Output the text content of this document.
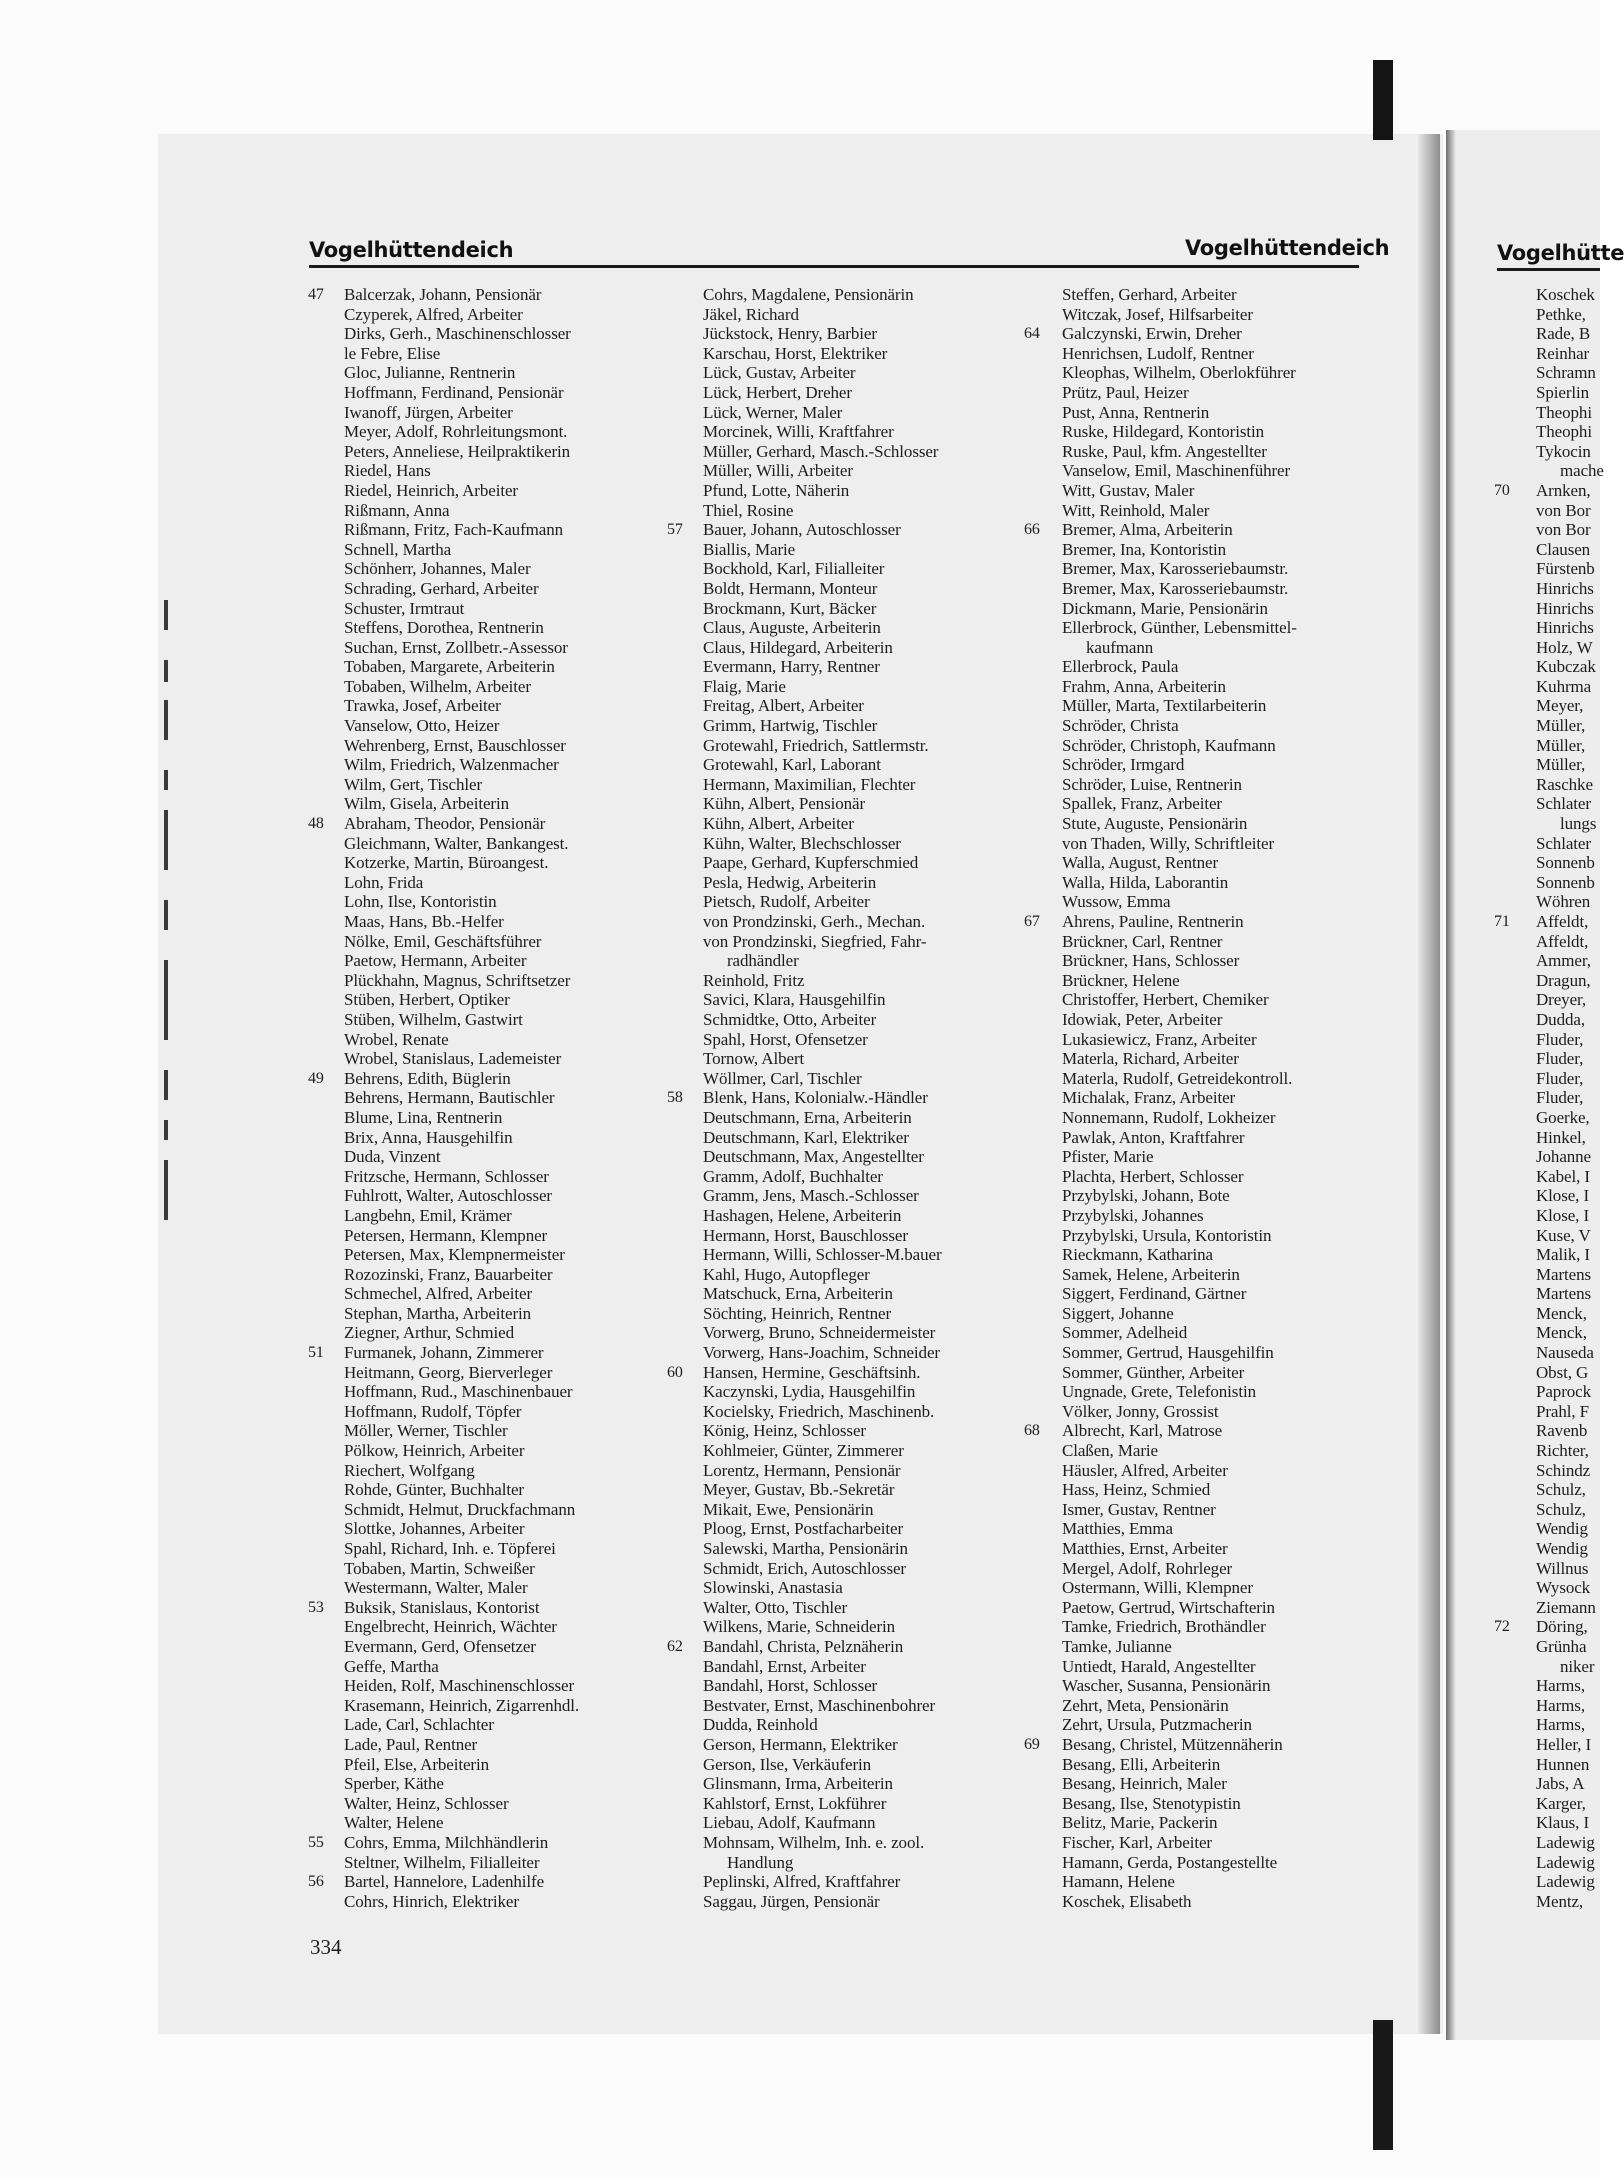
Vogelhüttendeich	Vogelhüttendeich	Vogelhütte
47	Balcerzak, Johann, Pensionär
Czyperek, Alfred, Arbeiter
Dirks, Gerh., Maschinenschlosser
le Febre, Elise
Gloc, Julianne, Rentnerin
Hoffmann, Ferdinand, Pensionär
Iwanoff, Jürgen, Arbeiter
Meyer, Adolf, Rohrleitungsmont.
Peters, Anneliese, Heilpraktikerin
Riedel, Hans
Riedel, Heinrich, Arbeiter
Rißmann, Anna
Rißmann, Fritz, Fach-Kaufmann
Schnell, Martha
Schönherr, Johannes, Maler
Schrading, Gerhard, Arbeiter
Schuster, Irmtraut
Steffens, Dorothea, Rentnerin
Suchan, Ernst, Zollbetr.-Assessor
Tobaben, Margarete, Arbeiterin
Tobaben, Wilhelm, Arbeiter
Trawka, Josef, Arbeiter
Vanselow, Otto, Heizer
Wehrenberg, Ernst, Bauschlosser
Wilm, Friedrich, Walzenmacher
Wilm, Gert, Tischler
Wilm, Gisela, Arbeiterin
48	Abraham, Theodor, Pensionär
Gleichmann, Walter, Bankangest.
Kotzerke, Martin, Büroangest.
Lohn, Frida
Lohn, Ilse, Kontoristin
Maas, Hans, Bb.-Helfer
Nölke, Emil, Geschäftsführer
Paetow, Hermann, Arbeiter
Plückhahn, Magnus, Schriftsetzer
Stüben, Herbert, Optiker
Stüben, Wilhelm, Gastwirt
Wrobel, Renate
Wrobel, Stanislaus, Lademeister
49	Behrens, Edith, Büglerin
Behrens, Hermann, Bautischler
Blume, Lina, Rentnerin
Brix, Anna, Hausgehilfin
Duda, Vinzent
Fritzsche, Hermann, Schlosser
Fuhlrott, Walter, Autoschlosser
Langbehn, Emil, Krämer
Petersen, Hermann, Klempner
Petersen, Max, Klempnermeister
Rozozinski, Franz, Bauarbeiter
Schmechel, Alfred, Arbeiter
Stephan, Martha, Arbeiterin
Ziegner, Arthur, Schmied
51	Furmanek, Johann, Zimmerer
Heitmann, Georg, Bierverleger
Hoffmann, Rud., Maschinenbauer
Hoffmann, Rudolf, Töpfer
Möller, Werner, Tischler
Pölkow, Heinrich, Arbeiter
Riechert, Wolfgang
Rohde, Günter, Buchhalter
Schmidt, Helmut, Druckfachmann
Slottke, Johannes, Arbeiter
Spahl, Richard, Inh. e. Töpferei
Tobaben, Martin, Schweißer
Westermann, Walter, Maler
53	Buksik, Stanislaus, Kontorist
Engelbrecht, Heinrich, Wächter
Evermann, Gerd, Ofensetzer
Geffe, Martha
Heiden, Rolf, Maschinenschlosser
Krasemann, Heinrich, Zigarrenhdl.
Lade, Carl, Schlachter
Lade, Paul, Rentner
Pfeil, Else, Arbeiterin
Sperber, Käthe
Walter, Heinz, Schlosser
Walter, Helene
55	Cohrs, Emma, Milchhändlerin
Steltner, Wilhelm, Filialleiter
56	Bartel, Hannelore, Ladenhilfe
Cohrs, Hinrich, Elektriker
Cohrs, Magdalene, Pensionärin
Jäkel, Richard
Jückstock, Henry, Barbier
Karschau, Horst, Elektriker
Lück, Gustav, Arbeiter
Lück, Herbert, Dreher
Lück, Werner, Maler
Morcinek, Willi, Kraftfahrer
Müller, Gerhard, Masch.-Schlosser
Müller, Willi, Arbeiter
Pfund, Lotte, Näherin
Thiel, Rosine
57	Bauer, Johann, Autoschlosser
Biallis, Marie
Bockhold, Karl, Filialleiter
Boldt, Hermann, Monteur
Brockmann, Kurt, Bäcker
Claus, Auguste, Arbeiterin
Claus, Hildegard, Arbeiterin
Evermann, Harry, Rentner
Flaig, Marie
Freitag, Albert, Arbeiter
Grimm, Hartwig, Tischler
Grotewahl, Friedrich, Sattlermstr.
Grotewahl, Karl, Laborant
Hermann, Maximilian, Flechter
Kühn, Albert, Pensionär
Kühn, Albert, Arbeiter
Kühn, Walter, Blechschlosser
Paape, Gerhard, Kupferschmied
Pesla, Hedwig, Arbeiterin
Pietsch, Rudolf, Arbeiter
von Prondzinski, Gerh., Mechan.
von Prondzinski, Siegfried, Fahr-
radhändler
Reinhold, Fritz
Savici, Klara, Hausgehilfin
Schmidtke, Otto, Arbeiter
Spahl, Horst, Ofensetzer
Tornow, Albert
Wöllmer, Carl, Tischler
58	Blenk, Hans, Kolonialw.-Händler
Deutschmann, Erna, Arbeiterin
Deutschmann, Karl, Elektriker
Deutschmann, Max, Angestellter
Gramm, Adolf, Buchhalter
Gramm, Jens, Masch.-Schlosser
Hashagen, Helene, Arbeiterin
Hermann, Horst, Bauschlosser
Hermann, Willi, Schlosser-M.bauer
Kahl, Hugo, Autopfleger
Matschuck, Erna, Arbeiterin
Söchting, Heinrich, Rentner
Vorwerg, Bruno, Schneidermeister
Vorwerg, Hans-Joachim, Schneider
60	Hansen, Hermine, Geschäftsinh.
Kaczynski, Lydia, Hausgehilfin
Kocielsky, Friedrich, Maschinenb.
König, Heinz, Schlosser
Kohlmeier, Günter, Zimmerer
Lorentz, Hermann, Pensionär
Meyer, Gustav, Bb.-Sekretär
Mikait, Ewe, Pensionärin
Ploog, Ernst, Postfacharbeiter
Salewski, Martha, Pensionärin
Schmidt, Erich, Autoschlosser
Slowinski, Anastasia
Walter, Otto, Tischler
Wilkens, Marie, Schneiderin
62	Bandahl, Christa, Pelznäherin
Bandahl, Ernst, Arbeiter
Bandahl, Horst, Schlosser
Bestvater, Ernst, Maschinenbohrer
Dudda, Reinhold
Gerson, Hermann, Elektriker
Gerson, Ilse, Verkäuferin
Glinsmann, Irma, Arbeiterin
Kahlstorf, Ernst, Lokführer
Liebau, Adolf, Kaufmann
Mohnsam, Wilhelm, Inh. e. zool.
Handlung
Peplinski, Alfred, Kraftfahrer
Saggau, Jürgen, Pensionär
Steffen, Gerhard, Arbeiter
Witczak, Josef, Hilfsarbeiter
64	Galczynski, Erwin, Dreher
Henrichsen, Ludolf, Rentner
Kleophas, Wilhelm, Oberlokführer
Prütz, Paul, Heizer
Pust, Anna, Rentnerin
Ruske, Hildegard, Kontoristin
Ruske, Paul, kfm. Angestellter
Vanselow, Emil, Maschinenführer
Witt, Gustav, Maler
Witt, Reinhold, Maler
66	Bremer, Alma, Arbeiterin
Bremer, Ina, Kontoristin
Bremer, Max, Karosseriebaumstr.
Bremer, Max, Karosseriebaumstr.
Dickmann, Marie, Pensionärin
Ellerbrock, Günther, Lebensmittel-
kaufmann
Ellerbrock, Paula
Frahm, Anna, Arbeiterin
Müller, Marta, Textilarbeiterin
Schröder, Christa
Schröder, Christoph, Kaufmann
Schröder, Irmgard
Schröder, Luise, Rentnerin
Spallek, Franz, Arbeiter
Stute, Auguste, Pensionärin
von Thaden, Willy, Schriftleiter
Walla, August, Rentner
Walla, Hilda, Laborantin
Wussow, Emma
67	Ahrens, Pauline, Rentnerin
Brückner, Carl, Rentner
Brückner, Hans, Schlosser
Brückner, Helene
Christoffer, Herbert, Chemiker
Idowiak, Peter, Arbeiter
Lukasiewicz, Franz, Arbeiter
Materla, Richard, Arbeiter
Materla, Rudolf, Getreidekontroll.
Michalak, Franz, Arbeiter
Nonnemann, Rudolf, Lokheizer
Pawlak, Anton, Kraftfahrer
Pfister, Marie
Plachta, Herbert, Schlosser
Przybylski, Johann, Bote
Przybylski, Johannes
Przybylski, Ursula, Kontoristin
Rieckmann, Katharina
Samek, Helene, Arbeiterin
Siggert, Ferdinand, Gärtner
Siggert, Johanne
Sommer, Adelheid
Sommer, Gertrud, Hausgehilfin
Sommer, Günther, Arbeiter
Ungnade, Grete, Telefonistin
Völker, Jonny, Grossist
68	Albrecht, Karl, Matrose
Claßen, Marie
Häusler, Alfred, Arbeiter
Hass, Heinz, Schmied
Ismer, Gustav, Rentner
Matthies, Emma
Matthies, Ernst, Arbeiter
Mergel, Adolf, Rohrleger
Ostermann, Willi, Klempner
Paetow, Gertrud, Wirtschafterin
Tamke, Friedrich, Brothändler
Tamke, Julianne
Untiedt, Harald, Angestellter
Wascher, Susanna, Pensionärin
Zehrt, Meta, Pensionärin
Zehrt, Ursula, Putzmacherin
69	Besang, Christel, Mützennäherin
Besang, Elli, Arbeiterin
Besang, Heinrich, Maler
Besang, Ilse, Stenotypistin
Belitz, Marie, Packerin
Fischer, Karl, Arbeiter
Hamann, Gerda, Postangestellte
Hamann, Helene
Koschek, Elisabeth
Koschek
Pethke,
Rade, B
Reinhar
Schramn
Spierlin
Theophi
Theophi
Tykocin
mache
70	Arnken,
von Bor
von Bor
Clausen
Fürstenb
Hinrichs
Hinrichs
Hinrichs
Holz, W
Kubczak
Kuhrma
Meyer,
Müller,
Müller,
Müller,
Raschke
Schlater
lungs
Schlater
Sonnenb
Sonnenb
Wöhren
71	Affeldt,
Affeldt,
Ammer,
Dragun,
Dreyer,
Dudda,
Fluder,
Fluder,
Fluder,
Fluder,
Goerke,
Hinkel,
Johanne
Kabel, I
Klose, I
Klose, I
Kuse, V
Malik, I
Martens
Martens
Menck,
Menck,
Nauseda
Obst, G
Paprock
Prahl, F
Ravenb
Richter,
Schindz
Schulz,
Schulz,
Wendig
Wendig
Willnus
Wysock
Ziemann
72	Döring,
Grünha
niker
Harms,
Harms,
Harms,
Heller, I
Hunnen
Jabs, A
Karger,
Klaus, I
Ladewig
Ladewig
Ladewig
Mentz,
334
